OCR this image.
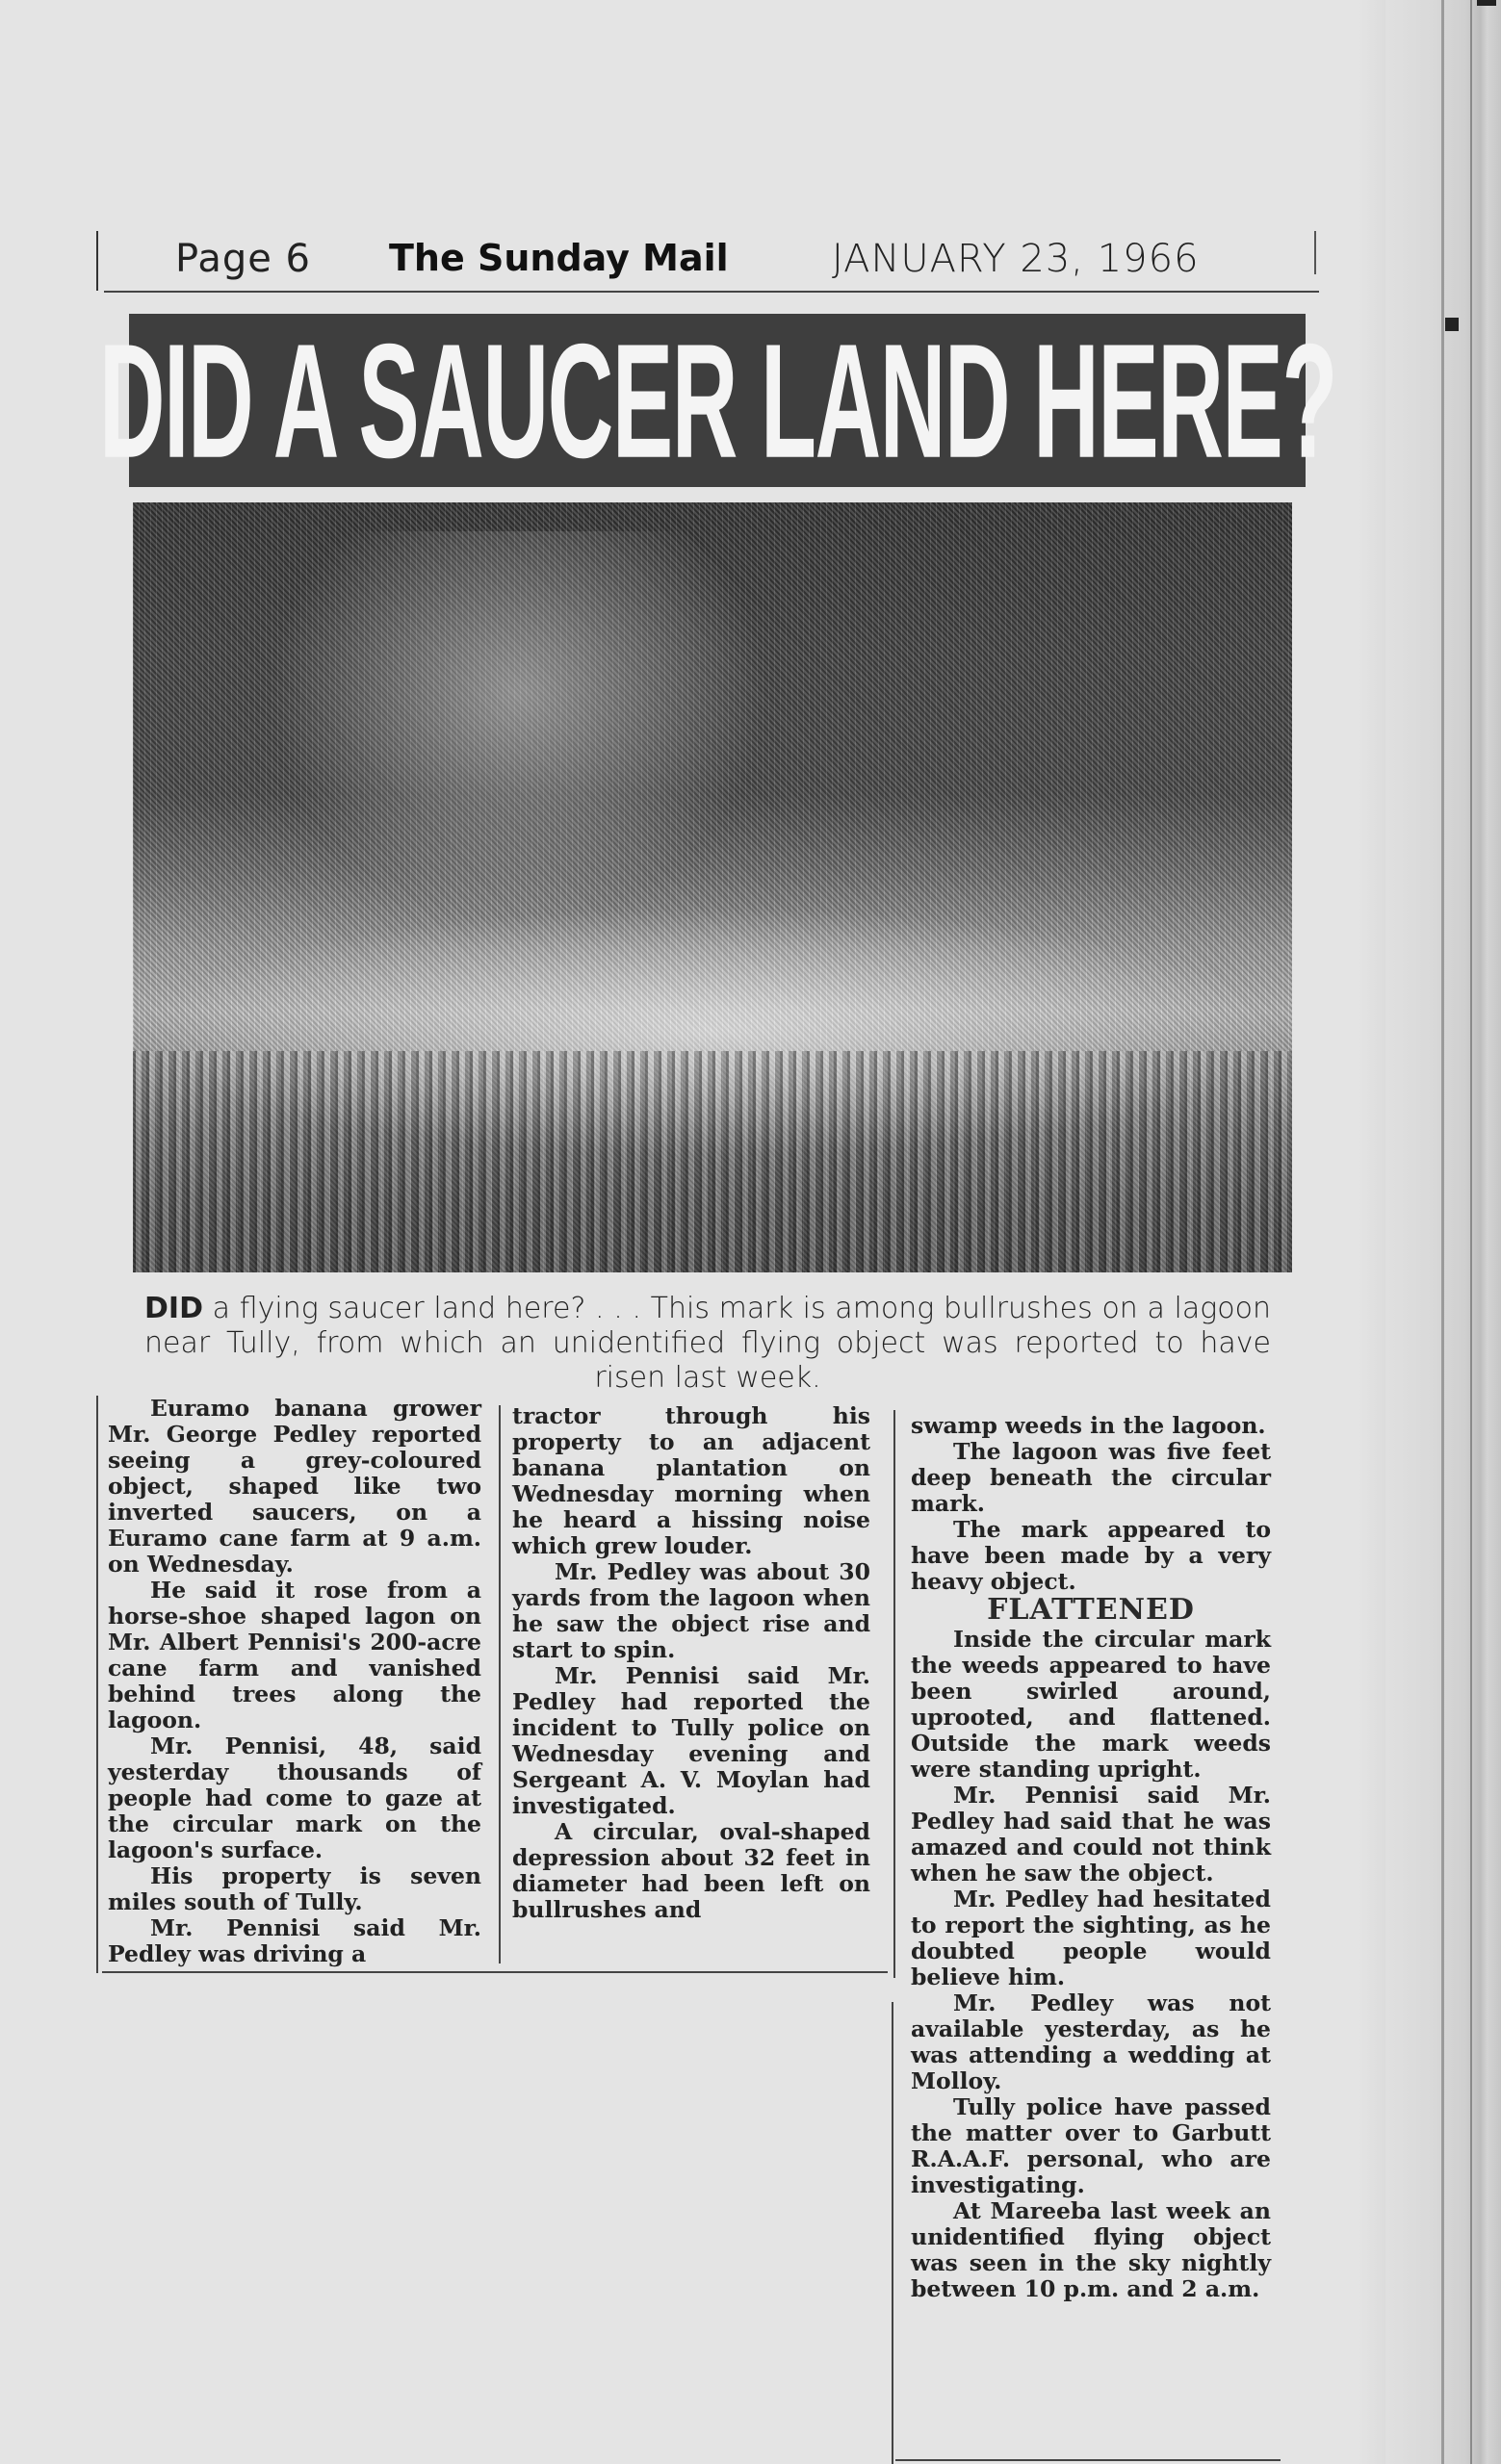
Page 6 The Sunday Mail	JANUARY 23, 1966
DID A SAUCER LAND HERE?
DID a flying saucer land here? . . . This mark is among bullrushes on a lagoon near Tully, from which an unidentified flying object was reported to have risen last week.

Euramo banana grower Mr. George Pedley reported seeing a grey-coloured object, shaped like two inverted saucers, on a Euramo cane farm at 9 a.m. on Wednesday.

He said it rose from a horse-shoe shaped lagon on Mr. Albert Pennisi's 200-acre cane farm and vanished behind trees along the lagoon.

Mr. Pennisi, 48, said yesterday thousands of people had come to gaze at the circular mark on the lagoon's surface.

His property is seven miles south of Tully.

Mr. Pennisi said Mr. Pedley was driving a

tractor through his property to an adjacent banana plantation on Wednesday morning when he heard a hissing noise which grew louder.

Mr. Pedley was about 30 yards from the lagoon when he saw the object rise and start to spin.

Mr. Pennisi said Mr. Pedley had reported the incident to Tully police on Wednesday evening and Sergeant A. V. Moylan had investigated.

A circular, oval-shaped depression about 32 feet in diameter had been left on bullrushes and

swamp weeds in the lagoon.

The lagoon was five feet deep beneath the circular mark.

The mark appeared to have been made by a very heavy object.

FLATTENED

Inside the circular mark the weeds appeared to have been swirled around, uprooted, and flattened. Outside the mark weeds were standing upright.

Mr. Pennisi said Mr. Pedley had said that he was amazed and could not think when he saw the object.

Mr. Pedley had hesitated to report the sighting, as he doubted people would believe him.

Mr. Pedley was not available yesterday, as he was attending a wedding at Molloy.

Tully police have passed the matter over to Garbutt R.A.A.F. personal, who are investigating.

At Mareeba last week an unidentified flying object was seen in the sky nightly between 10 p.m. and 2 a.m.
